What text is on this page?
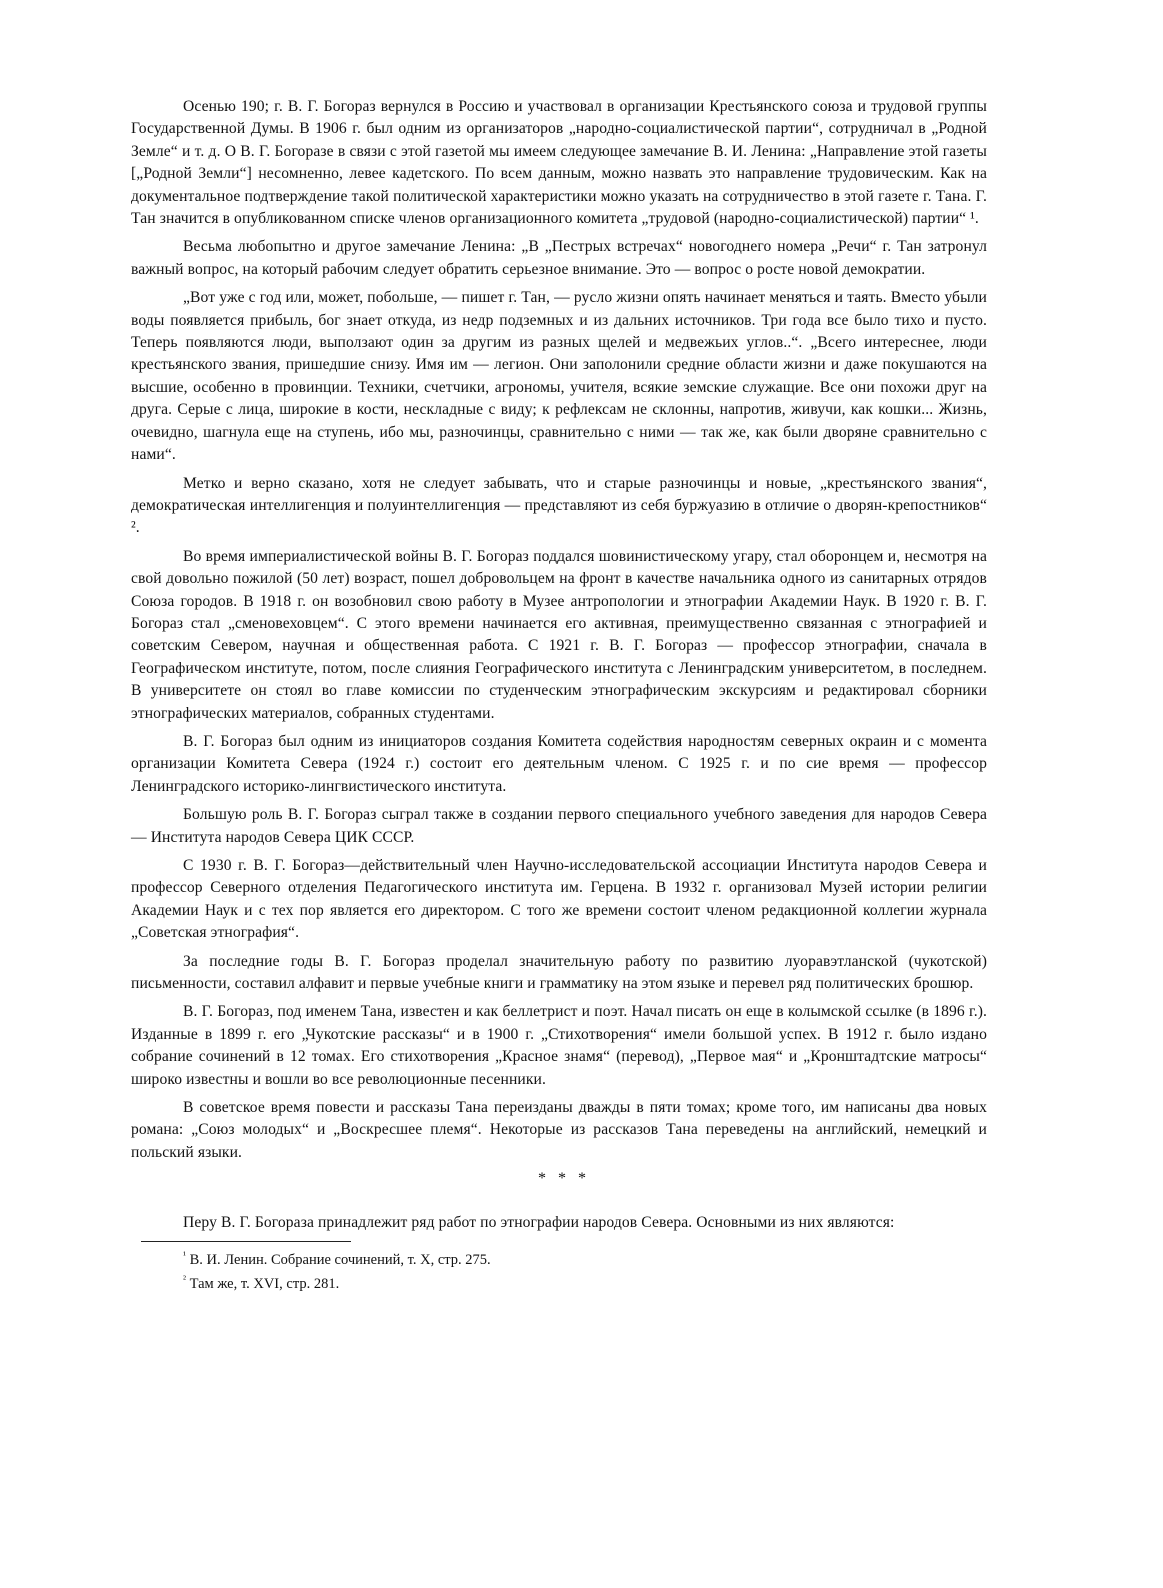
Осенью 190; г. В. Г. Богораз вернулся в Россию и участвовал в организации Крестьянского союза и трудовой группы Государственной Думы. В 1906 г. был одним из организаторов „народно-социалистической партии“, сотрудничал в „Родной Земле“ и т. д. О В. Г. Богоразе в связи с этой газетой мы имеем следующее замечание В. И. Ленина: „Направление этой газеты [„Родной Земли“] несомненно, левее кадетского. По всем данным, можно назвать это направление трудовическим. Как на документальное подтверждение такой политической характеристики можно указать на сотрудничество в этой газете г. Тана. Г. Тан значится в опубликованном списке членов организационного комитета „трудовой (народно-социалистической) партии“ ¹.

Весьма любопытно и другое замечание Ленина: „В „Пестрых встречах“ новогоднего номера „Речи“ г. Тан затронул важный вопрос, на который рабочим следует обратить серьезное внимание. Это — вопрос о росте новой демократии.

„Вот уже с год или, может, побольше, — пишет г. Тан, — русло жизни опять начинает меняться и таять. Вместо убыли воды появляется прибыль, бог знает откуда, из недр подземных и из дальних источников. Три года все было тихо и пусто. Теперь появляются люди, выползают один за другим из разных щелей и медвежьих углов..“. „Всего интереснее, люди крестьянского звания, пришедшие снизу. Имя им — легион. Они заполонили средние области жизни и даже покушаются на высшие, особенно в провинции. Техники, счетчики, агрономы, учителя, всякие земские служащие. Все они похожи друг на друга. Серые с лица, широкие в кости, нескладные с виду; к рефлексам не склонны, напротив, живучи, как кошки... Жизнь, очевидно, шагнула еще на ступень, ибо мы, разночинцы, сравнительно с ними — так же, как были дворяне сравнительно с нами“.

Метко и верно сказано, хотя не следует забывать, что и старые разночинцы и новые, „крестьянского звания“, демократическая интеллигенция и полуинтеллигенция — представляют из себя буржуазию в отличие о дворян-крепостников“ ².

Во время империалистической войны В. Г. Богораз поддался шовинистическому угару, стал оборонцем и, несмотря на свой довольно пожилой (50 лет) возраст, пошел добровольцем на фронт в качестве начальника одного из санитарных отрядов Союза городов. В 1918 г. он возобновил свою работу в Музее антропологии и этнографии Академии Наук. В 1920 г. В. Г. Богораз стал „сменовеховцем“. С этого времени начинается его активная, преимущественно связанная с этнографией и советским Севером, научная и общественная работа. С 1921 г. В. Г. Богораз — профессор этнографии, сначала в Географическом институте, потом, после слияния Географического института с Ленинградским университетом, в последнем. В университете он стоял во главе комиссии по студенческим этнографическим экскурсиям и редактировал сборники этнографических материалов, собранных студентами.

В. Г. Богораз был одним из инициаторов создания Комитета содействия народностям северных окраин и с момента организации Комитета Севера (1924 г.) состоит его деятельным членом. С 1925 г. и по сие время — профессор Ленинградского историко-лингвистического института.

Большую роль В. Г. Богораз сыграл также в создании первого специального учебного заведения для народов Севера — Института народов Севера ЦИК СССР.

С 1930 г. В. Г. Богораз—действительный член Научно-исследовательской ассоциации Института народов Севера и профессор Северного отделения Педагогического института им. Герцена. В 1932 г. организовал Музей истории религии Академии Наук и с тех пор является его директором. С того же времени состоит членом редакционной коллегии журнала „Советская этнография“.

За последние годы В. Г. Богораз проделал значительную работу по развитию луоравэтланской (чукотской) письменности, составил алфавит и первые учебные книги и грамматику на этом языке и перевел ряд политических брошюр.

В. Г. Богораз, под именем Тана, известен и как беллетрист и поэт. Начал писать он еще в колымской ссылке (в 1896 г.). Изданные в 1899 г. его „Чукотские рассказы“ и в 1900 г. „Стихотворения“ имели большой успех. В 1912 г. было издано собрание сочинений в 12 томах. Его стихотворения „Красное знамя“ (перевод), „Первое мая“ и „Кронштадтские матросы“ широко известны и вошли во все революционные песенники.

В советское время повести и рассказы Тана переизданы дважды в пяти томах; кроме того, им написаны два новых романа: „Союз молодых“ и „Воскресшее племя“. Некоторые из рассказов Тана переведены на английский, немецкий и польский языки.

* * *

Перу В. Г. Богораза принадлежит ряд работ по этнографии народов Севера. Основными из них являются:

$^{^1}$ В. И. Ленин. Собрание сочинений, т. X, стр. 275.
$^{^2}$ Там же, т. XVI, стр. 281.
